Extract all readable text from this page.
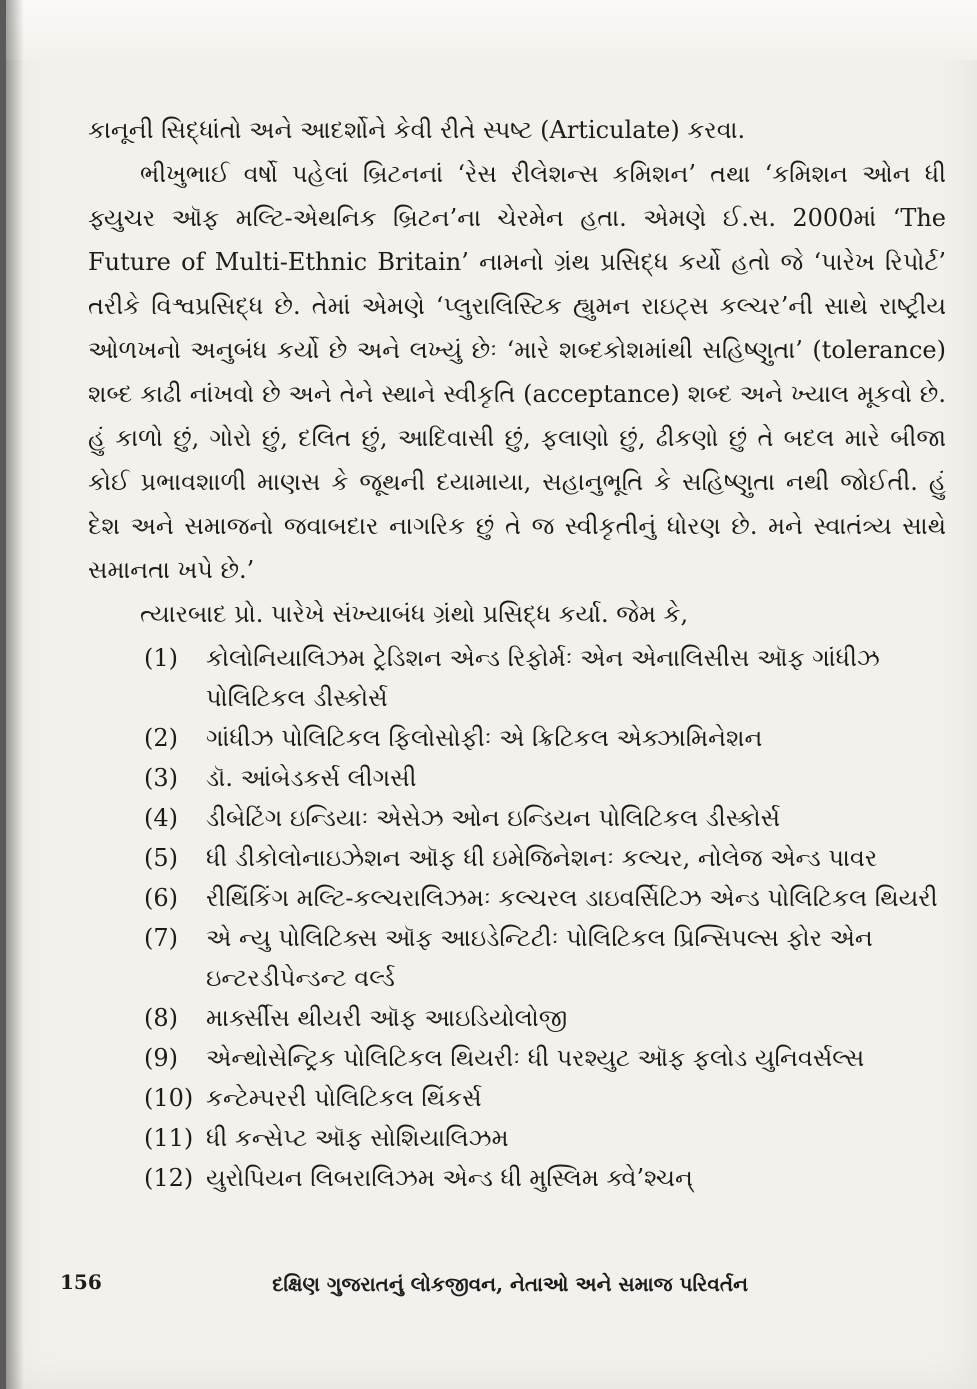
કાનૂની સિદ્ધાંતો અને આદર્શોને કેવી રીતે સ્પષ્ટ (Articulate) કરવા.

ભીખુભાઈ વર્ષો પહેલાં બ્રિટનનાં ‘રેસ રીલેશન્સ કમિશન’ તથા ‘કમિશન ઓન ધી ફ્યુચર ઑફ મલ્ટિ-એથનિક બ્રિટન’ના ચેરમેન હતા. એમણે ઈ.સ. 2000માં ‘The Future of Multi-Ethnic Britain’ નામનો ગ્રંથ પ્રસિદ્ધ કર્યો હતો જે ‘પારેખ રિપોર્ટ’ તરીકે વિશ્વપ્રસિદ્ધ છે. તેમાં એમણે ‘પ્લુરાલિસ્ટિક હ્યુમન રાઇટ્સ કલ્ચર’ની સાથે રાષ્ટ્રીય ઓળખનો અનુબંધ કર્યો છે અને લખ્યું છેઃ ‘મારે શબ્દકોશમાંથી સહિષ્ણુતા’ (tolerance) શબ્દ કાઢી નાંખવો છે અને તેને સ્થાને સ્વીકૃતિ (acceptance) શબ્દ અને ખ્યાલ મૂકવો છે. હું કાળો છું, ગોરો છું, દલિત છું, આદિવાસી છું, ફલાણો છું, ઢીકણો છું તે બદલ મારે બીજા કોઈ પ્રભાવશાળી માણસ કે જૂથની દયામાયા, સહાનુભૂતિ કે સહિષ્ણુતા નથી જોઈતી. હું દેશ અને સમાજનો જવાબદાર નાગરિક છું તે જ સ્વીકૃતીનું ધોરણ છે. મને સ્વાતંત્ર્ય સાથે સમાનતા ખપે છે.’

ત્યારબાદ પ્રો. પારેખે સંખ્યાબંધ ગ્રંથો પ્રસિદ્ધ કર્યા. જેમ કે,

(1)	કોલોનિયાલિઝમ ટ્રેડિશન એન્ડ રિફોર્મઃ એન એનાલિસીસ ઑફ ગાંધીઝ પોલિટિકલ ડીસ્કોર્સ
(2)	ગાંધીઝ પોલિટિકલ ફિલોસોફીઃ એ ક્રિટિકલ એક્ઝામિનેશન
(3)	ડૉ. આંબેડકર્સ લીગસી
(4)	ડીબેટિંગ ઇન્ડિયાઃ એસેઝ ઓન ઇન્ડિયન પોલિટિકલ ડીસ્કોર્સ
(5)	ધી ડીકોલોનાઇઝેશન ઑફ ધી ઇમેજિનેશનઃ કલ્ચર, નોલેજ એન્ડ પાવર
(6)	રીથિંકિંગ મલ્ટિ-કલ્ચરાલિઝમઃ કલ્ચરલ ડાઇવર્સિટિઝ એન્ડ પોલિટિકલ થિયરી
(7)	એ ન્યુ પોલિટિક્સ ઑફ આઇડેન્ટિટીઃ પોલિટિકલ પ્રિન્સિપલ્સ ફોર એન ઇન્ટરડીપેન્ડન્ટ વર્લ્ડ
(8)	માર્ક્સીસ થીયરી ઑફ આઇડિયોલોજી
(9)	એન્થોસેન્ટ્રિક પોલિટિકલ થિયરીઃ ધી પરશ્યુટ ઑફ ફલોડ યુનિવર્સલ્સ
(10) કન્ટેમ્પરરી પોલિટિકલ થિંકર્સ
(11) ધી કન્સેપ્ટ ઑફ સોશિયાલિઝમ
(12) યુરોપિયન લિબરાલિઝમ એન્ડ ધી મુસ્લિમ ક્વે’શ્ચન્
156	દક્ષિણ ગુજરાતનું લોકજીવન, નેતાઓ અને સમાજ પરિવર્તન
